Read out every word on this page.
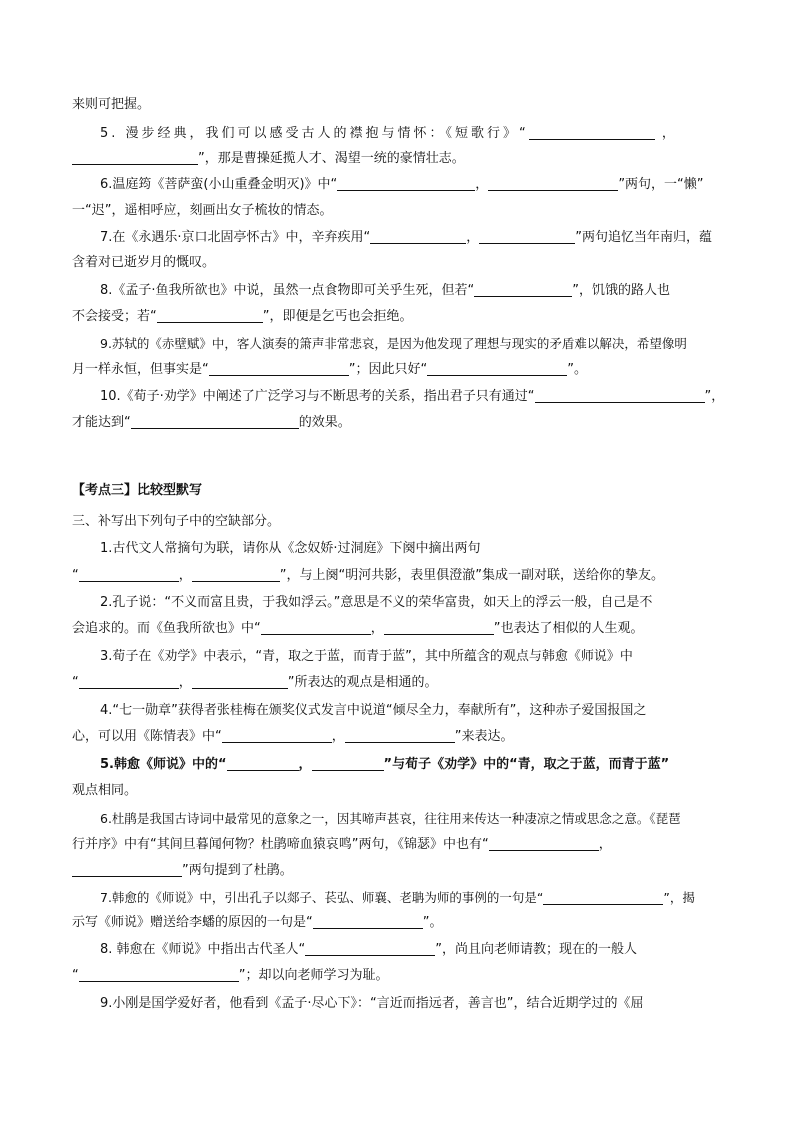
来则可把握。
5. 漫步经典，我们可以感受古人的襟抱与情怀：《短歌行》“	，
”，那是曹操延揽人才、渴望一统的豪情壮志。
6.温庭筠《菩萨蛮(小山重叠金明灭)》中“	，	”两句，一“懒”
一“迟”，遥相呼应，刻画出女子梳妆的情态。
7.在《永遇乐·京口北固亭怀古》中，辛弃疾用“	，	”两句追忆当年南归，蕴
含着对已逝岁月的慨叹。
8.《孟子·鱼我所欲也》中说，虽然一点食物即可关乎生死，但若“	”，饥饿的路人也
不会接受；若“	”，即便是乞丐也会拒绝。
9.苏轼的《赤壁赋》中，客人演奏的箫声非常悲哀，是因为他发现了理想与现实的矛盾难以解决，希望像明
月一样永恒，但事实是“	”；因此只好“	”。
10.《荀子·劝学》中阐述了广泛学习与不断思考的关系，指出君子只有通过“	”，
才能达到“	的效果。
【考点三】比较型默写
三、补写出下列句子中的空缺部分。
1.古代文人常摘句为联，请你从《念奴娇·过洞庭》下阕中摘出两句
“	，	”，与上阕“明河共影，表里俱澄澈”集成一副对联，送给你的挚友。
2.孔子说：“不义而富且贵，于我如浮云。”意思是不义的荣华富贵，如天上的浮云一般，自己是不
会追求的。而《鱼我所欲也》中“	，	”也表达了相似的人生观。
3.荀子在《劝学》中表示，“青，取之于蓝，而青于蓝”，其中所蕴含的观点与韩愈《师说》中
“	，	”所表达的观点是相通的。
4.“七一勋章”获得者张桂梅在颁奖仪式发言中说道“倾尽全力，奉献所有”，这种赤子爱国报国之
心，可以用《陈情表》中“	，	”来表达。
5.韩愈《师说》中的“	，	”与荀子《劝学》中的“青，取之于蓝，而青于蓝”
观点相同。
6.杜鹃是我国古诗词中最常见的意象之一，因其啼声甚哀，往往用来传达一种凄凉之情或思念之意。《琵琶
行并序》中有“其间旦暮闻何物？杜鹃啼血猿哀鸣”两句，《锦瑟》中也有“	，
”两句提到了杜鹃。
7.韩愈的《师说》中，引出孔子以郯子、苌弘、师襄、老聃为师的事例的一句是“	”，揭
示写《师说》赠送给李蟠的原因的一句是“	”。
8. 韩愈在《师说》中指出古代圣人“	”，尚且向老师请教；现在的一般人
“	”；却以向老师学习为耻。
9.小刚是国学爱好者，他看到《孟子·尽心下》：“言近而指远者，善言也”，结合近期学过的《屈
